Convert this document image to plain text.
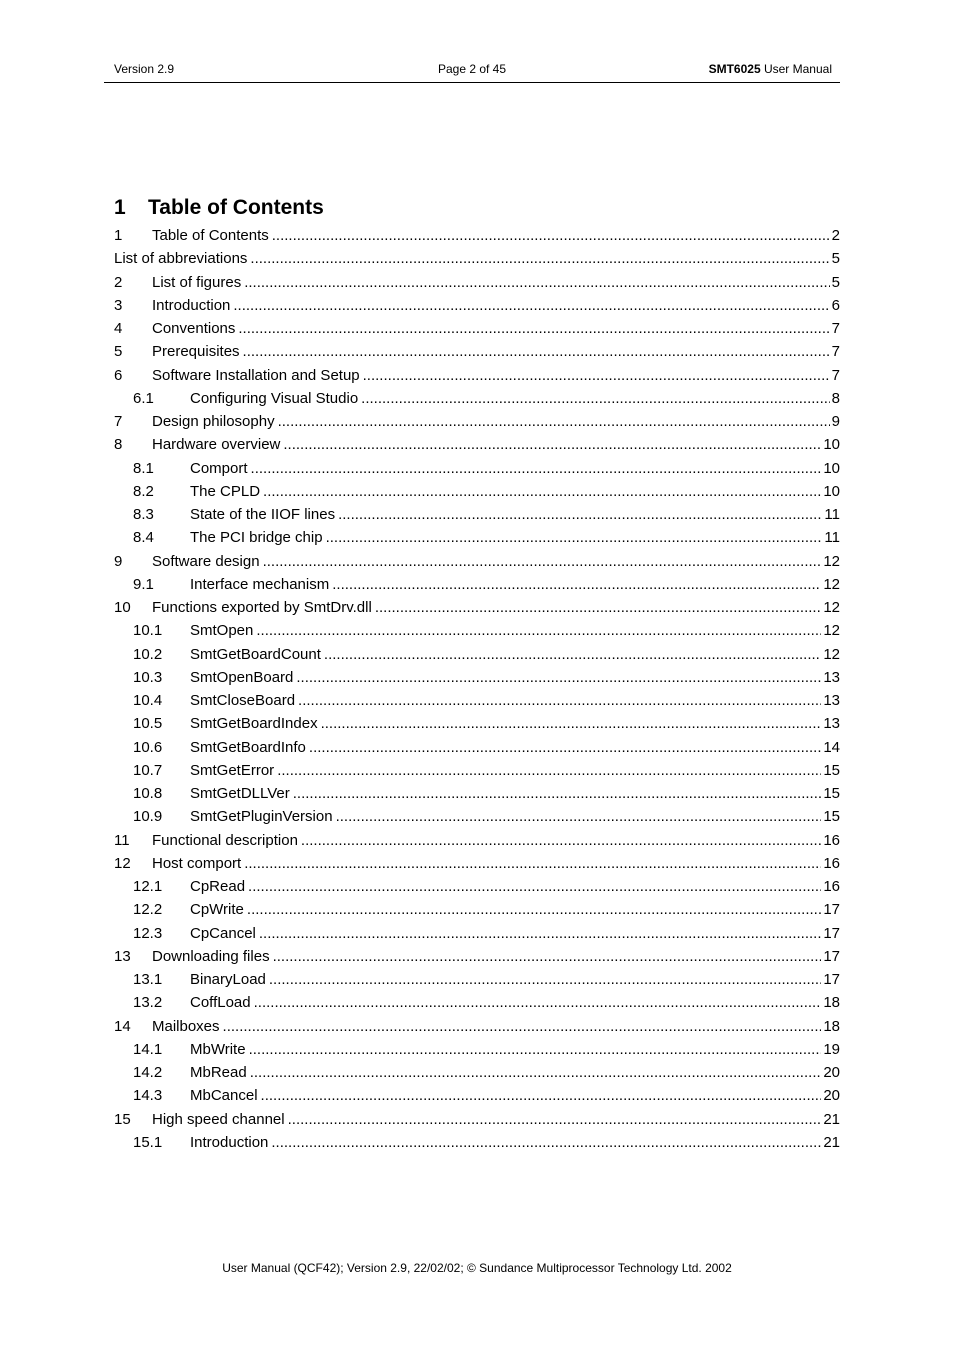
Version 2.9	Page 2 of 45	SMT6025 User Manual
1 Table of Contents
1	Table of Contents .....	2
List of abbreviations .....	5
2	List of figures .....	5
3	Introduction .....	6
4	Conventions .....	7
5	Prerequisites .....	7
6	Software Installation and Setup .....	7
6.1	Configuring Visual Studio .....	8
7	Design philosophy .....	9
8	Hardware overview .....	10
8.1	Comport .....	10
8.2	The CPLD .....	10
8.3	State of the IIOF lines .....	11
8.4	The PCI bridge chip .....	11
9	Software design .....	12
9.1	Interface mechanism .....	12
10	Functions exported by SmtDrv.dll .....	12
10.1	SmtOpen .....	12
10.2	SmtGetBoardCount .....	12
10.3	SmtOpenBoard .....	13
10.4	SmtCloseBoard .....	13
10.5	SmtGetBoardIndex .....	13
10.6	SmtGetBoardInfo .....	14
10.7	SmtGetError .....	15
10.8	SmtGetDLLVer .....	15
10.9	SmtGetPluginVersion .....	15
11	Functional description .....	16
12	Host comport .....	16
12.1	CpRead .....	16
12.2	CpWrite .....	17
12.3	CpCancel .....	17
13	Downloading files .....	17
13.1	BinaryLoad .....	17
13.2	CoffLoad .....	18
14	Mailboxes .....	18
14.1	MbWrite .....	19
14.2	MbRead .....	20
14.3	MbCancel .....	20
15	High speed channel .....	21
15.1	Introduction .....	21
User Manual (QCF42); Version 2.9, 22/02/02; © Sundance Multiprocessor Technology Ltd. 2002
